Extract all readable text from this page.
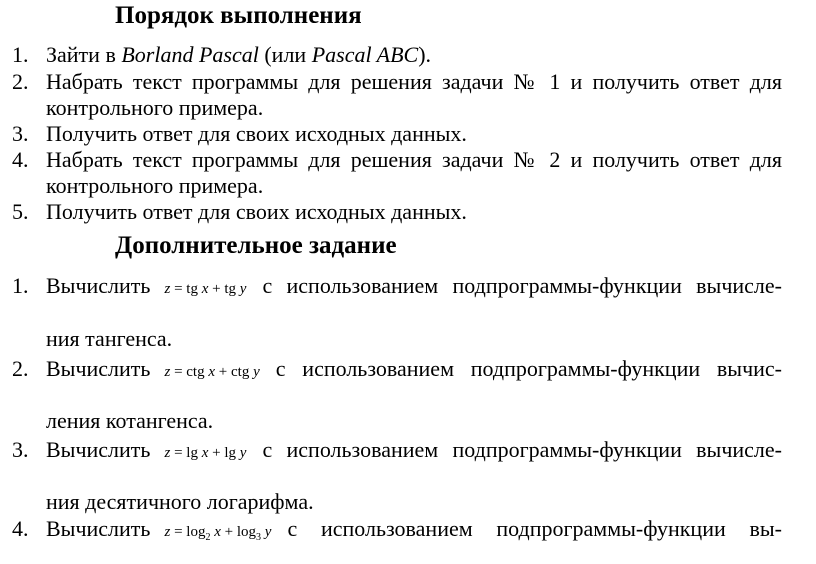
Порядок выполнения
1. Зайти в Borland Pascal (или Pascal ABC).
2. Набрать текст программы для решения задачи № 1 и получить ответ для
контрольного примера.
3. Получить ответ для своих исходных данных.
4. Набрать текст программы для решения задачи № 2 и получить ответ для
контрольного примера.
5. Получить ответ для своих исходных данных.
Дополнительное задание
1. Вычислить z = tg x + tg y с использованием подпрограммы-функции вычисле-
ния тангенса.
2. Вычислить z = ctg x + ctg y с использованием подпрограммы-функции вычис-
ления котангенса.
3. Вычислить z = lg x + lg y с использованием подпрограммы-функции вычисле-
ния десятичного логарифма.
4. Вычислить $z = \log_2 x + \log_3 y$ с использованием подпрограммы-функции вы-
